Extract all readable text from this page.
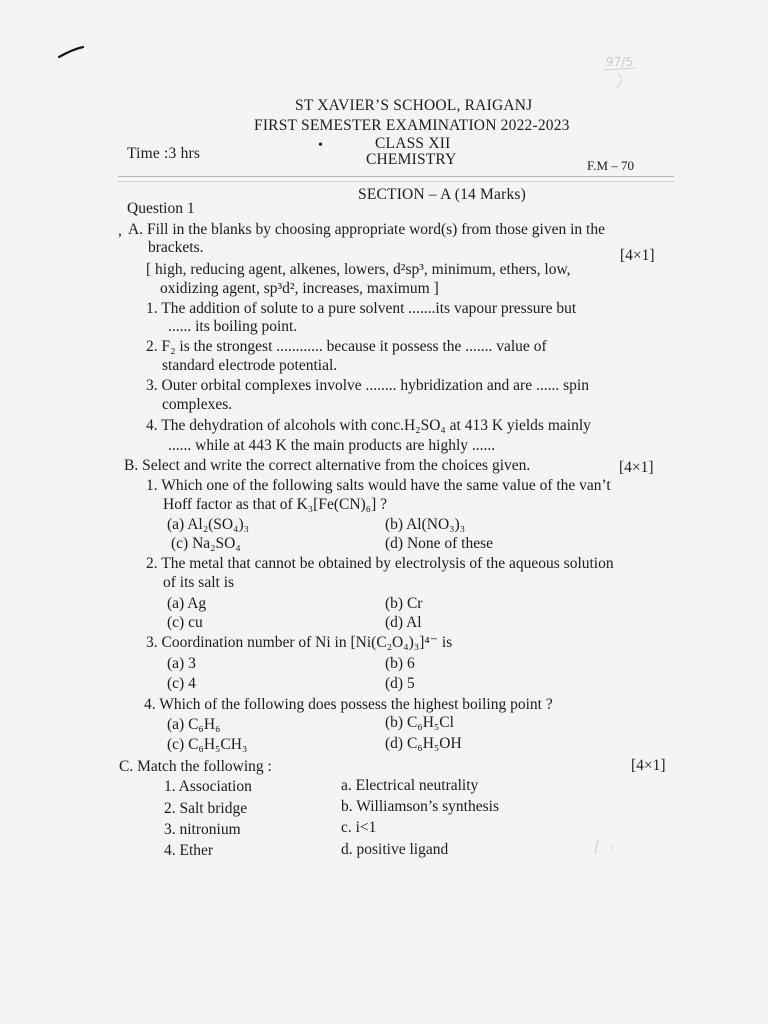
97/5
ST XAVIER’S SCHOOL, RAIGANJ
FIRST SEMESTER EXAMINATION 2022-2023
CLASS XII
•
Time :3 hrs	CHEMISTRY	F.M – 70
SECTION – A (14 Marks)
Question 1
, A. Fill in the blanks by choosing appropriate word(s) from those given in the
brackets.	[4×1]
[ high, reducing agent, alkenes, lowers, d²sp³, minimum, ethers, low,
oxidizing agent, sp³d², increases, maximum ]
1. The addition of solute to a pure solvent .......its vapour pressure but
...... its boiling point.
2. F₂ is the strongest ............ because it possess the ....... value of
standard electrode potential.
3. Outer orbital complexes involve ........ hybridization and are ...... spin
complexes.
4. The dehydration of alcohols with conc.H₂SO₄ at 413 K yields mainly
...... while at 443 K the main products are highly ......
B. Select and write the correct alternative from the choices given.	[4×1]
1. Which one of the following salts would have the same value of the van’t
Hoff factor as that of K₃[Fe(CN)₆] ?
(a) Al₂(SO₄)₃	(b) Al(NO₃)₃
(c) Na₂SO₄	(d) None of these
2. The metal that cannot be obtained by electrolysis of the aqueous solution
of its salt is
(a) Ag	(b) Cr
(c) cu	(d) Al
3. Coordination number of Ni in [Ni(C₂O₄)₃]⁴⁻ is
(a) 3	(b) 6
(c) 4	(d) 5
4. Which of the following does possess the highest boiling point ?
(a) C₆H₆	(b) C₆H₅Cl
(c) C₆H₅CH₃	(d) C₆H₅OH
C. Match the following :	[4×1]
1. Association	a. Electrical neutrality
2. Salt bridge	b. Williamson’s synthesis
3. nitronium	c. i<1
4. Ether	d. positive ligand
